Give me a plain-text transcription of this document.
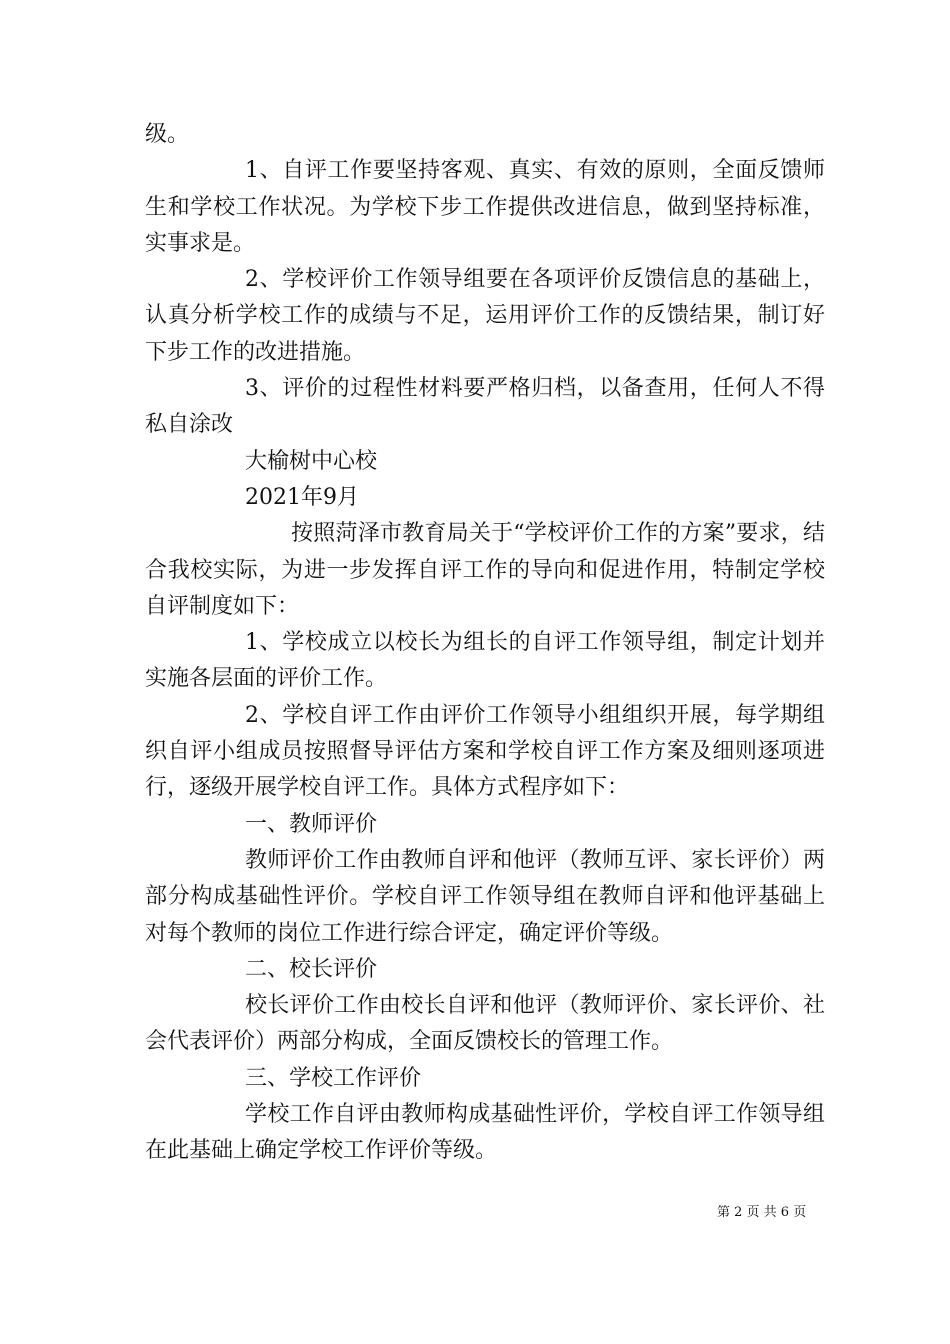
级。

1、自评工作要坚持客观、真实、有效的原则，全面反馈师生和学校工作状况。为学校下步工作提供改进信息，做到坚持标准，实事求是。

2、学校评价工作领导组要在各项评价反馈信息的基础上，认真分析学校工作的成绩与不足，运用评价工作的反馈结果，制订好下步工作的改进措施。

3、评价的过程性材料要严格归档，以备查用，任何人不得私自涂改

大榆树中心校

2021年9月

按照菏泽市教育局关于“学校评价工作的方案”要求，结合我校实际，为进一步发挥自评工作的导向和促进作用，特制定学校自评制度如下：

1、学校成立以校长为组长的自评工作领导组，制定计划并实施各层面的评价工作。

2、学校自评工作由评价工作领导小组组织开展，每学期组织自评小组成员按照督导评估方案和学校自评工作方案及细则逐项进行，逐级开展学校自评工作。具体方式程序如下：

一、教师评价

教师评价工作由教师自评和他评（教师互评、家长评价）两部分构成基础性评价。学校自评工作领导组在教师自评和他评基础上对每个教师的岗位工作进行综合评定，确定评价等级。

二、校长评价

校长评价工作由校长自评和他评（教师评价、家长评价、社会代表评价）两部分构成，全面反馈校长的管理工作。

三、学校工作评价

学校工作自评由教师构成基础性评价，学校自评工作领导组在此基础上确定学校工作评价等级。

第 2 页 共 6 页
